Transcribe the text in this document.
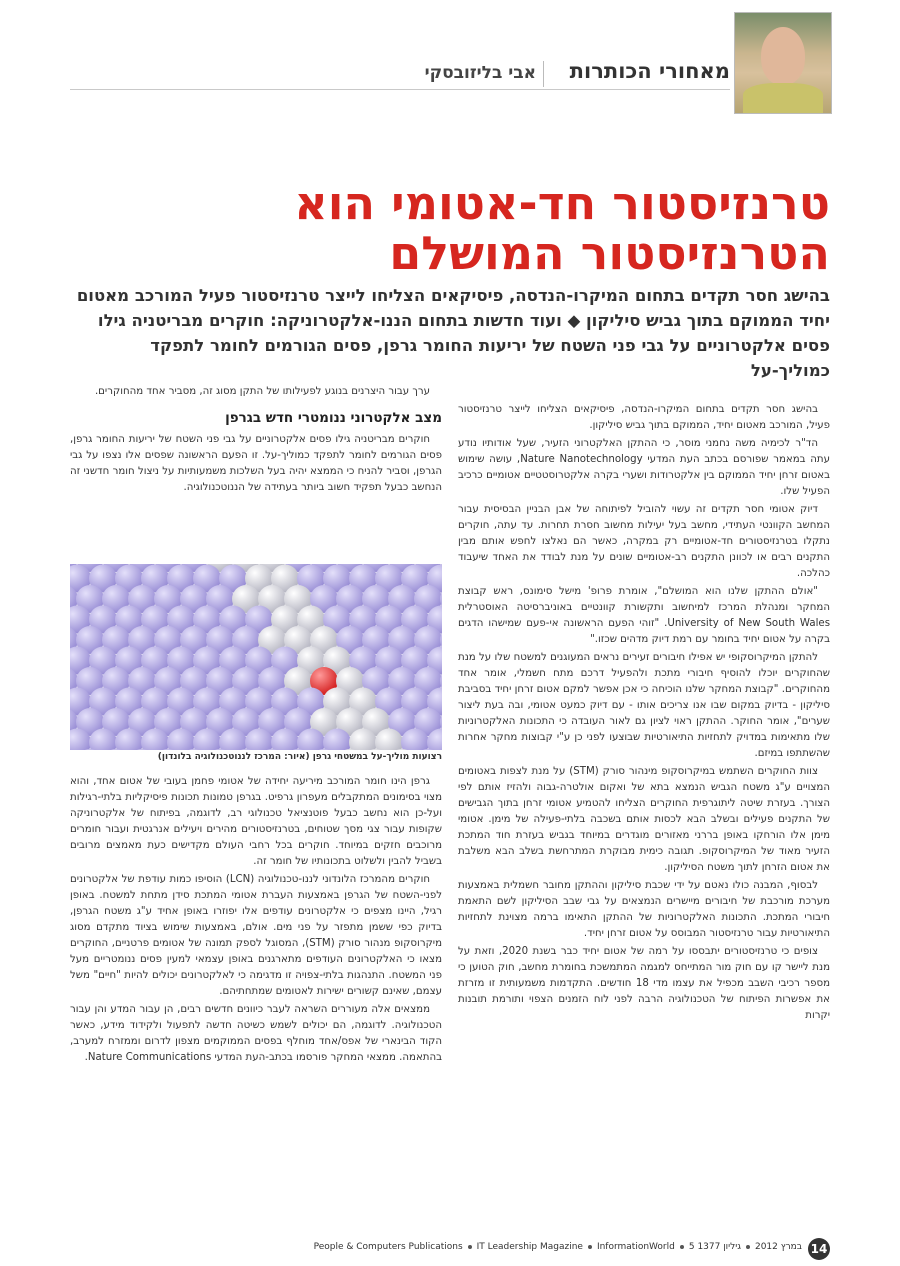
מאחורי הכותרות
אבי בליזובסקי
טרנזיסטור חד-אטומי הוא הטרנזיסטור המושלם
בהישג חסר תקדים בתחום המיקרו-הנדסה, פיסיקאים הצליחו לייצר טרנזיסטור פעיל המורכב מאטום יחיד הממוקם בתוך גביש סיליקון ◆ ועוד חדשות בתחום הננו-אלקטרוניקה: חוקרים מבריטניה גילו פסים אלקטרוניים על גבי פני השטח של יריעות החומר גרפן, פסים הגורמים לחומר לתפקד כמוליך-על

בהישג חסר תקדים בתחום המיקרו-הנדסה, פיסיקאים הצליחו לייצר טרנזיסטור פעיל, המורכב מאטום יחיד, הממוקם בתוך גביש סיליקון.

הד"ר לכימיה משה נחמני מוסר, כי ההתקן האלקטרוני הזעיר, שעל אודותיו נודע עתה במאמר שפורסם בכתב העת המדעי Nature Nanotechnology, עושה שימוש באטום זרחן יחיד הממוקם בין אלקטרודות ושערי בקרה אלקטרוסטטיים אטומיים כרכיב הפעיל שלו.

דיוק אטומי חסר תקדים זה עשוי להוביל לפיתוחה של אבן הבניין הבסיסית עבור המחשב הקוונטי העתידי, מחשב בעל יעילות מחשוב חסרת תחרות. עד עתה, חוקרים נתקלו בטרנזיסטורים חד-אטומיים רק במקרה, כאשר הם נאלצו לחפש אותם מבין התקנים רבים או לכוונן התקנים רב-אטומיים שונים על מנת לבודד את האחד שיעבוד כהלכה.

"אולם ההתקן שלנו הוא המושלם", אומרת פרופ' מישל סימונס, ראש קבוצת המחקר ומנהלת המרכז למיחשוב ותקשורת קוונטיים באוניברסיטה האוסטרלית University of New South Wales. "זוהי הפעם הראשונה אי-פעם שמישהו הדגים בקרה על אטום יחיד בחומר עם רמת דיוק מדהים שכזו."

להתקן המיקרוסקופי יש אפילו חיבורים זעירים נראים המעוגנים למשטח שלו על מנת שהחוקרים יוכלו להוסיף חיבורי מתכת ולהפעיל דרכם מתח חשמלי, אומר אחד מהחוקרים. "קבוצת המחקר שלנו הוכיחה כי אכן אפשר למקם אטום זרחן יחיד בסביבת סיליקון - בדיוק במקום שבו אנו צריכים אותו - עם דיוק כמעט אטומי, ובה בעת ליצור שערים", אומר החוקר. ההתקן ראוי לציון גם לאור העובדה כי התכונות האלקטרוניות שלו מתאימות במדויק לתחזיות התיאורטיות שבוצעו לפני כן ע"י קבוצות מחקר אחרות שהשתתפו במיזם.

צוות החוקרים השתמש במיקרוסקופ מינהור סורק (STM) על מנת לצפות באטומים המצויים ע"ג משטח הגביש הנמצא בתא של ואקום אולטרה-גבוה ולהזיז אותם לפי הצורך. בעזרת שיטה ליתוגרפית החוקרים הצליחו להטמיע אטומי זרחן בתוך הגבישים של התקנים פעילים ובשלב הבא לכסות אותם בשכבה בלתי-פעילה של מימן. אטומי מימן אלו הורחקו באופן בררני מאזורים מוגדרים במיוחד בגביש בעזרת חוד המתכת הזעיר מאוד של המיקרוסקופ. תגובה כימית מבוקרת המתרחשת בשלב הבא משלבת את אטום הזרחן לתוך משטח הסיליקון.

לבסוף, המבנה כולו נאטם על ידי שכבת סיליקון וההתקן מחובר חשמלית באמצעות מערכת מורכבת של חיבורים מיישרים הנמצאים על גבי שבב הסיליקון לשם התאמת חיבורי המתכת. התכונות האלקטרוניות של ההתקן התאימו ברמה מצוינת לתחזיות התיאורטיות עבור טרנזיסטור המבוסס על אטום זרחן יחיד.

צופים כי טרנזיסטורים יתבססו על רמה של אטום יחיד כבר בשנת 2020, וזאת על מנת ליישר קו עם חוק מור המתייחס למגמה המתמשכת בחומרת מחשב, חוק הטוען כי מספר רכיבי השבב מכפיל את עצמו מדי 18 חודשים. התקדמות משמעותית זו מזרזת את אפשרות הפיתוח של הטכנולוגיה הרבה לפני לוח הזמנים הצפוי ותורמת תובנות יקרות

ערך עבור היצרנים בנוגע לפעילותו של התקן מסוג זה, מסביר אחד מהחוקרים.

מצב אלקטרוני ננומטרי חדש בגרפן

חוקרים מבריטניה גילו פסים אלקטרוניים על גבי פני השטח של יריעות החומר גרפן, פסים הגורמים לחומר לתפקד כמוליך-על. זו הפעם הראשונה שפסים אלו נצפו על גבי הגרפן, וסביר להניח כי הממצא יהיה בעל השלכות משמעותיות על ניצול חומר חדשני זה הנחשב כבעל תפקיד חשוב ביותר בעתידה של הננוטכנולוגיה.

רצועות מוליך-על במשטחי גרפן (איור: המרכז לננוטכנולוגיה בלונדון)

גרפן הינו חומר המורכב מיריעה יחידה של אטומי פחמן בעובי של אטום אחד, והוא מצוי בסימונים המתקבלים מעפרון גרפיט. בגרפן טמונות תכונות פיסיקליות בלתי-רגילות ועל-כן הוא נחשב כבעל פוטנציאל טכנולוגי רב, לדוגמה, בפיתוח של אלקטרוניקה שקופות עבור צגי מסך שטוחים, בטרנזיסטורים מהירים ויעילים אנרגטית ועבור חומרים מרוכבים חזקים במיוחד. חוקרים בכל רחבי העולם מקדישים כעת מאמצים מרובים בשביל להבין ולשלוט בתכונותיו של חומר זה.

חוקרים מהמרכז הלונדוני לננו-טכנולוגיה (LCN) הוסיפו כמות עודפת של אלקטרונים לפני-השטח של הגרפן באמצעות העברת אטומי המתכת סידן מתחת למשטח. באופן רגיל, היינו מצפים כי אלקטרונים עודפים אלו יפוזרו באופן אחיד ע"ג משטח הגרפן, בדיוק כפי ששמן מתפזר על פני מים. אולם, באמצעות שימוש בציוד מתקדם מסוג מיקרוסקופ מנהור סורק (STM), המסוגל לספק תמונה של אטומים פרטניים, החוקרים מצאו כי האלקטרונים העודפים מתארגנים באופן עצמאי למעין פסים ננומטריים מעל פני המשטח. התנהגות בלתי-צפויה זו מדגימה כי לאלקטרונים יכולים להיות "חיים" משל עצמם, שאינם קשורים ישירות לאטומים שמתחתיהם.

ממצאים אלה מעוררים השראה לעבר כיוונים חדשים רבים, הן עבור המדע והן עבור הטכנולוגיה. לדוגמה, הם יכולים לשמש כשיטה חדשה לתפעול ולקידוד מידע, כאשר הקוד הבינארי של אפס/אחד מוחלף בפסים הממוקמים מצפון לדרום וממזרח למערב, בהתאמה. ממצאי המחקר פורסמו בכתב-העת המדעי Nature Communications.

14
People & Computers Publications IT Leadership Magazine InformationWorld 5 במרץ 2012גיליון 1377
